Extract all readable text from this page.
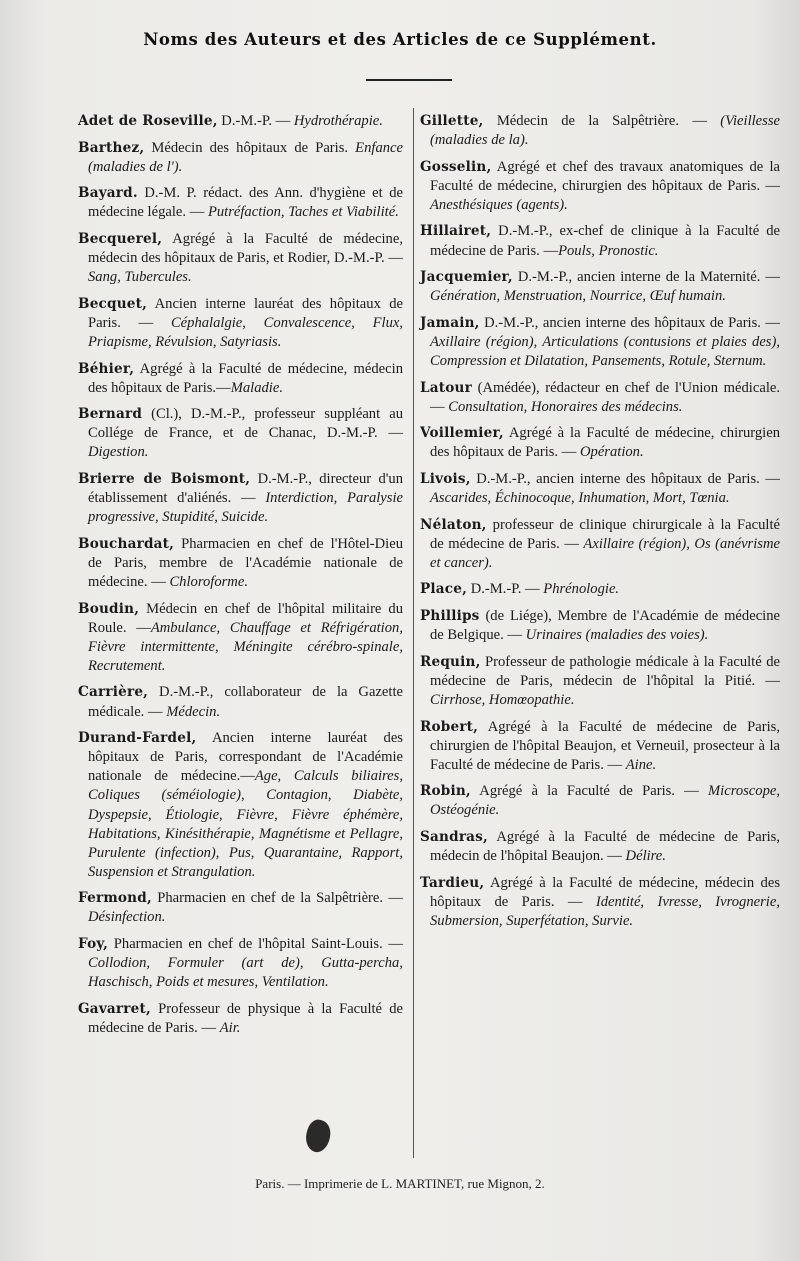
Noms des Auteurs et des Articles de ce Supplément.
Adet de Roseville, D.-M.-P. — Hydrothérapie.
Barthez, Médecin des hôpitaux de Paris. Enfance (maladies de l').
Bayard. D.-M. P. rédact. des Ann. d'hygiène et de médecine légale. — Putréfaction, Taches et Viabilité.
Becquerel, Agrégé à la Faculté de médecine, médecin des hôpitaux de Paris, et Rodier, D.-M.-P. — Sang, Tubercules.
Becquet, Ancien interne lauréat des hôpitaux de Paris. — Céphalalgie, Convalescence, Flux, Priapisme, Révulsion, Satyriasis.
Béhier, Agrégé à la Faculté de médecine, médecin des hôpitaux de Paris.—Maladie.
Bernard (Cl.), D.-M.-P., professeur suppléant au Collége de France, et de Chanac, D.-M.-P. — Digestion.
Brierre de Boismont, D.-M.-P., directeur d'un établissement d'aliénés. — Interdiction, Paralysie progressive, Stupidité, Suicide.
Bouchardat, Pharmacien en chef de l'Hôtel-Dieu de Paris, membre de l'Académie nationale de médecine. — Chloroforme.
Boudin, Médecin en chef de l'hôpital militaire du Roule. —Ambulance, Chauffage et Réfrigération, Fièvre intermittente, Méningite cérébro-spinale, Recrutement.
Carrière, D.-M.-P., collaborateur de la Gazette médicale. — Médecin.
Durand-Fardel, Ancien interne lauréat des hôpitaux de Paris, correspondant de l'Académie nationale de médecine.—Age, Calculs biliaires, Coliques (séméiologie), Contagion, Diabète, Dyspepsie, Étiologie, Fièvre, Fièvre éphémère, Habitations, Kinésithérapie, Magnétisme et Pellagre, Purulente (infection), Pus, Quarantaine, Rapport, Suspension et Strangulation.
Fermond, Pharmacien en chef de la Salpêtrière. — Désinfection.
Foy, Pharmacien en chef de l'hôpital Saint-Louis. — Collodion, Formuler (art de), Gutta-percha, Haschisch, Poids et mesures, Ventilation.
Gavarret, Professeur de physique à la Faculté de médecine de Paris. — Air.
Gillette, Médecin de la Salpêtrière. — (Vieillesse (maladies de la).
Gosselin, Agrégé et chef des travaux anatomiques de la Faculté de médecine, chirurgien des hôpitaux de Paris. — Anesthésiques (agents).
Hillairet, D.-M.-P., ex-chef de clinique à la Faculté de médecine de Paris. —Pouls, Pronostic.
Jacquemier, D.-M.-P., ancien interne de la Maternité. — Génération, Menstruation, Nourrice, Œuf humain.
Jamain, D.-M.-P., ancien interne des hôpitaux de Paris. — Axillaire (région), Articulations (contusions et plaies des), Compression et Dilatation, Pansements, Rotule, Sternum.
Latour (Amédée), rédacteur en chef de l'Union médicale. — Consultation, Honoraires des médecins.
Voillemier, Agrégé à la Faculté de médecine, chirurgien des hôpitaux de Paris. — Opération.
Livois, D.-M.-P., ancien interne des hôpitaux de Paris. — Ascarides, Échinocoque, Inhumation, Mort, Tœnia.
Nélaton, professeur de clinique chirurgicale à la Faculté de médecine de Paris. — Axillaire (région), Os (anévrisme et cancer).
Place, D.-M.-P. — Phrénologie.
Phillips (de Liége), Membre de l'Académie de médecine de Belgique. — Urinaires (maladies des voies).
Requin, Professeur de pathologie médicale à la Faculté de médecine de Paris, médecin de l'hôpital la Pitié. — Cirrhose, Homœopathie.
Robert, Agrégé à la Faculté de médecine de Paris, chirurgien de l'hôpital Beaujon, et Verneuil, prosecteur à la Faculté de médecine de Paris. — Aine.
Robin, Agrégé à la Faculté de Paris. — Microscope, Ostéogénie.
Sandras, Agrégé à la Faculté de médecine de Paris, médecin de l'hôpital Beaujon. — Délire.
Tardieu, Agrégé à la Faculté de médecine, médecin des hôpitaux de Paris. — Identité, Ivresse, Ivrognerie, Submersion, Superfétation, Survie.
Paris. — Imprimerie de L. MARTINET, rue Mignon, 2.
